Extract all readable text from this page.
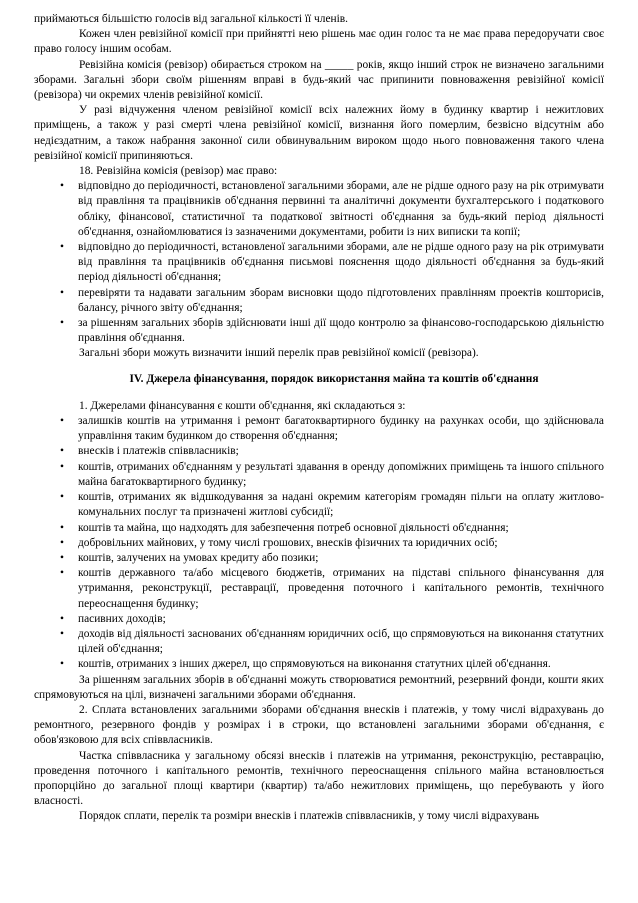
приймаються більшістю голосів від загальної кількості її членів.

Кожен член ревізійної комісії при прийнятті нею рішень має один голос та не має права передоручати своє право голосу іншим особам.

Ревізійна комісія (ревізор) обирається строком на _____ років, якщо інший строк не визначено загальними зборами. Загальні збори своїм рішенням вправі в будь-який час припинити повноваження ревізійної комісії (ревізора) чи окремих членів ревізійної комісії.

У разі відчуження членом ревізійної комісії всіх належних йому в будинку квартир і нежитлових приміщень, а також у разі смерті члена ревізійної комісії, визнання його померлим, безвісно відсутнім або недієздатним, а також набрання законної сили обвинувальним вироком щодо нього повноваження такого члена ревізійної комісії припиняються.

18. Ревізійна комісія (ревізор) має право:

• відповідно до періодичності, встановленої загальними зборами, але не рідше одного разу на рік отримувати від правління та працівників об'єднання первинні та аналітичні документи бухгалтерського і податкового обліку, фінансової, статистичної та податкової звітності об'єднання за будь-який період діяльності об'єднання, ознайомлюватися із зазначеними документами, робити із них виписки та копії;
• відповідно до періодичності, встановленої загальними зборами, але не рідше одного разу на рік отримувати від правління та працівників об'єднання письмові пояснення щодо діяльності об'єднання за будь-який період діяльності об'єднання;
• перевіряти та надавати загальним зборам висновки щодо підготовлених правлінням проектів кошторисів, балансу, річного звіту об'єднання;
• за рішенням загальних зборів здійснювати інші дії щодо контролю за фінансово-господарською діяльністю правління об'єднання.

Загальні збори можуть визначити інший перелік прав ревізійної комісії (ревізора).

IV. Джерела фінансування, порядок використання майна та коштів об'єднання

1. Джерелами фінансування є кошти об'єднання, які складаються з:

• залишків коштів на утримання і ремонт багатоквартирного будинку на рахунках особи, що здійснювала управління таким будинком до створення об'єднання;
• внесків і платежів співвласників;
• коштів, отриманих об'єднанням у результаті здавання в оренду допоміжних приміщень та іншого спільного майна багатоквартирного будинку;
• коштів, отриманих як відшкодування за надані окремим категоріям громадян пільги на оплату житлово-комунальних послуг та призначені житлові субсидії;
• коштів та майна, що надходять для забезпечення потреб основної діяльності об'єднання;
• добровільних майнових, у тому числі грошових, внесків фізичних та юридичних осіб;
• коштів, залучених на умовах кредиту або позики;
• коштів державного та/або місцевого бюджетів, отриманих на підставі спільного фінансування для утримання, реконструкції, реставрації, проведення поточного і капітального ремонтів, технічного переоснащення будинку;
• пасивних доходів;
• доходів від діяльності заснованих об'єднанням юридичних осіб, що спрямовуються на виконання статутних цілей об'єднання;
• коштів, отриманих з інших джерел, що спрямовуються на виконання статутних цілей об'єднання.

За рішенням загальних зборів в об'єднанні можуть створюватися ремонтний, резервний фонди, кошти яких спрямовуються на цілі, визначені загальними зборами об'єднання.

2. Сплата встановлених загальними зборами об'єднання внесків і платежів, у тому числі відрахувань до ремонтного, резервного фондів у розмірах і в строки, що встановлені загальними зборами об'єднання, є обов'язковою для всіх співвласників.

Частка співвласника у загальному обсязі внесків і платежів на утримання, реконструкцію, реставрацію, проведення поточного і капітального ремонтів, технічного переоснащення спільного майна встановлюється пропорційно до загальної площі квартири (квартир) та/або нежитлових приміщень, що перебувають у його власності.

Порядок сплати, перелік та розміри внесків і платежів співвласників, у тому числі відрахувань
